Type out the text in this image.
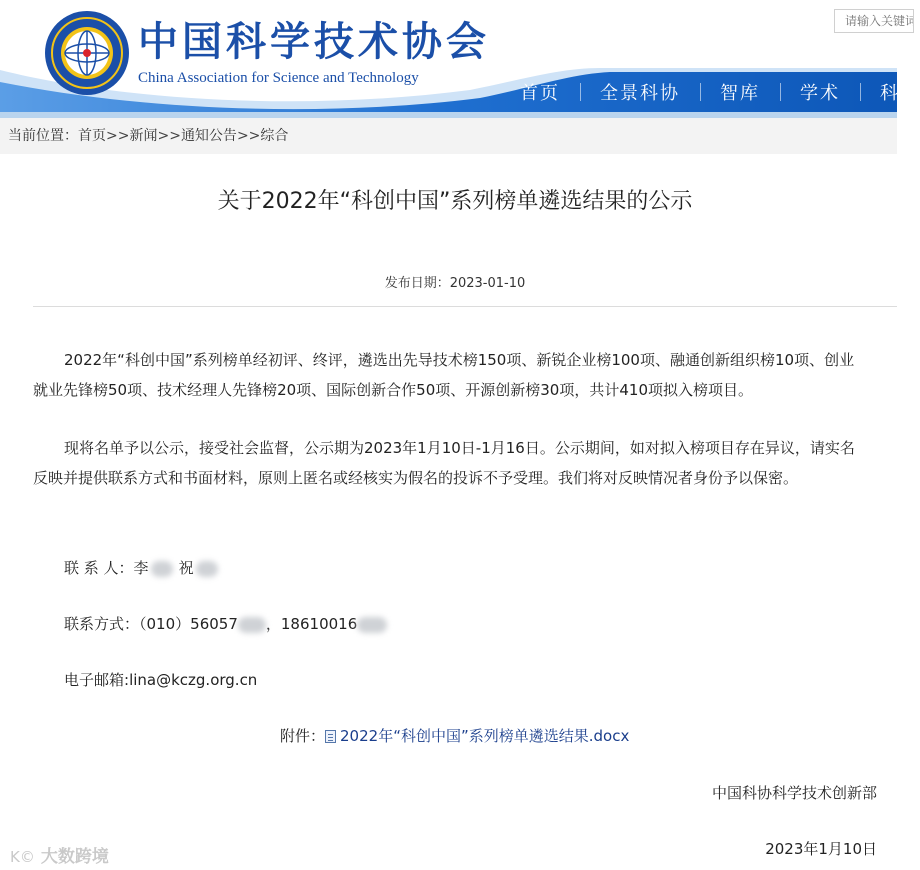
中国科学技术协会
China Association for Science and Technology
请输入关键词
首页	全景科协	智库	学术	科
当前位置：首页>>新闻>>通知公告>>综合
关于2022年“科创中国”系列榜单遴选结果的公示
发布日期：2023-01-10

2022年“科创中国”系列榜单经初评、终评，遴选出先导技术榜150项、新锐企业榜100项、融通创新组织榜10项、创业就业先锋榜50项、技术经理人先锋榜20项、国际创新合作50项、开源创新榜30项，共计410项拟入榜项目。

现将名单予以公示，接受社会监督，公示期为2023年1月10日-1月16日。公示期间，如对拟入榜项目存在异议，请实名反映并提供联系方式和书面材料，原则上匿名或经核实为假名的投诉不予受理。我们将对反映情况者身份予以保密。

联 系 人：李 祝
联系方式：（010）56057 ，18610016
电子邮箱:lina@kczg.org.cn
附件： 2022年“科创中国”系列榜单遴选结果.docx
中国科协科学技术创新部
2023年1月10日
K© 大数跨境
